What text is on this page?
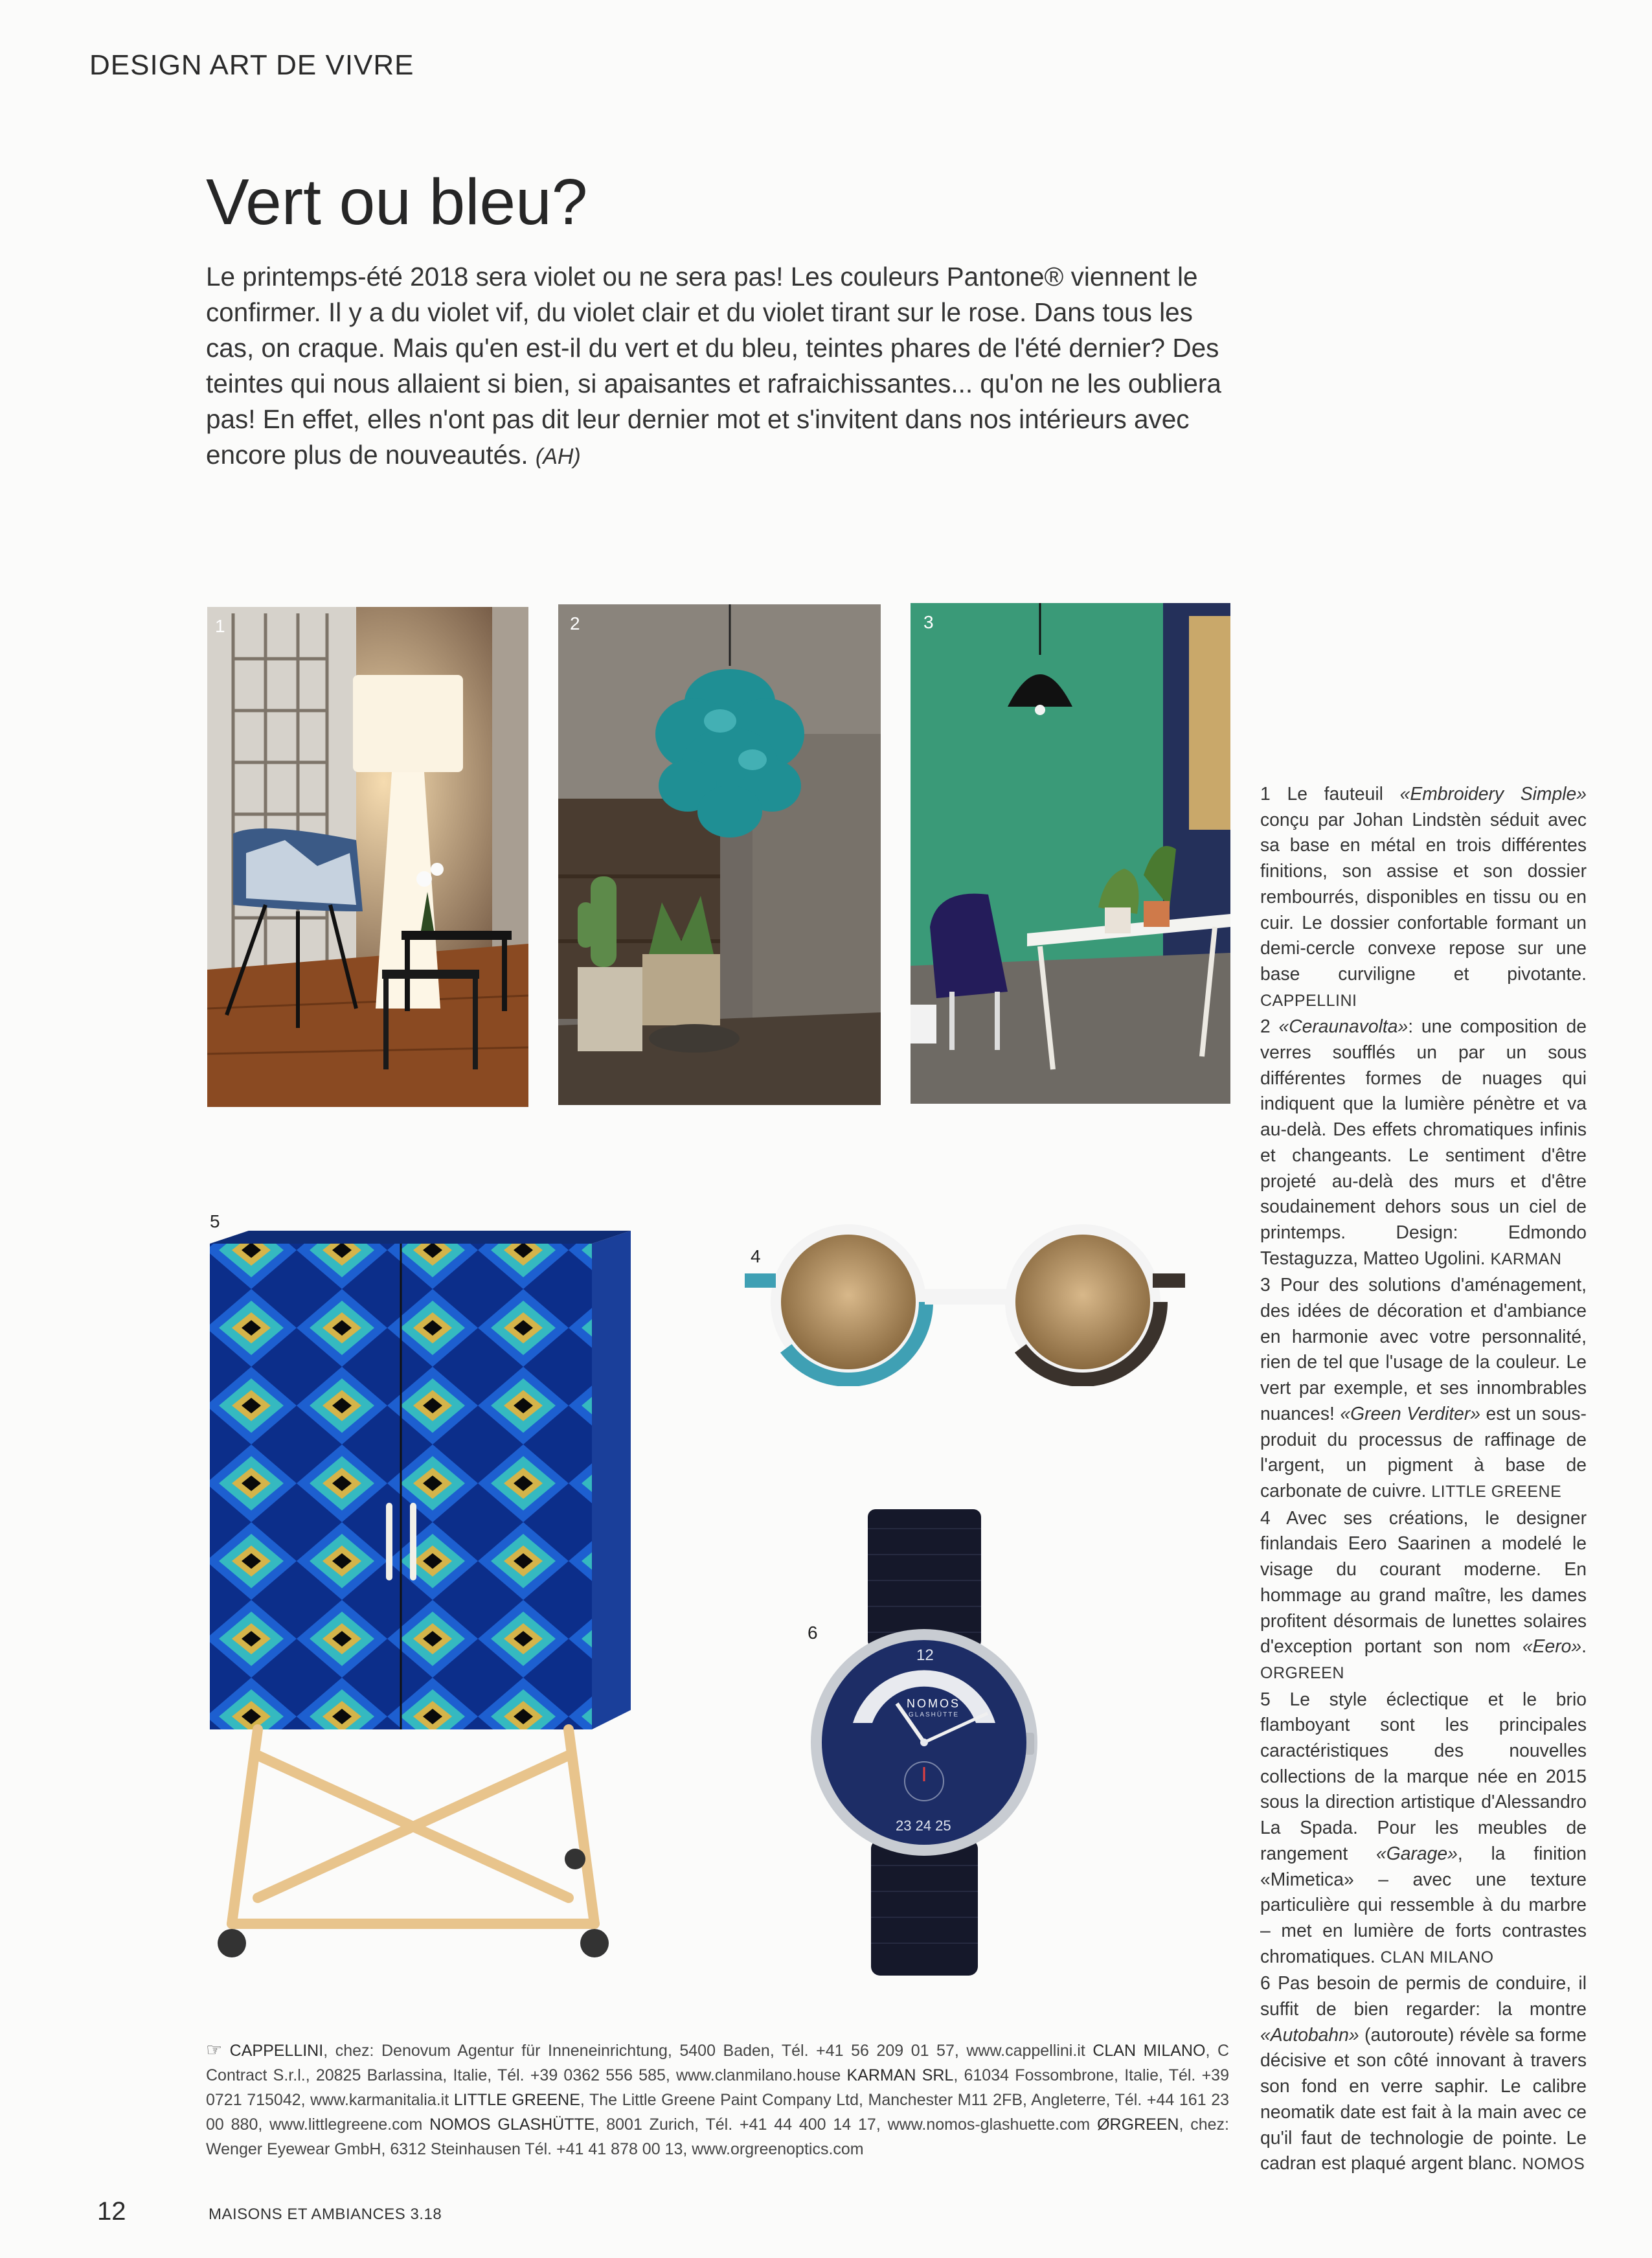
DESIGN ART DE VIVRE
Vert ou bleu?
Le printemps-été 2018 sera violet ou ne sera pas! Les couleurs Pantone® viennent le confirmer. Il y a du violet vif, du violet clair et du violet tirant sur le rose. Dans tous les cas, on craque. Mais qu'en est-il du vert et du bleu, teintes phares de l'été dernier? Des teintes qui nous allaient si bien, si apaisantes et rafraichissantes... qu'on ne les oubliera pas! En effet, elles n'ont pas dit leur dernier mot et s'invitent dans nos intérieurs avec encore plus de nouveautés. (AH)
1	2	3
5
4
6
NOMOS
GLASHÜTTE
12
23 24 25

1 Le fauteuil «Embroidery Simple» conçu par Johan Lindstèn séduit avec sa base en métal en trois différentes finitions, son assise et son dossier rembourrés, disponibles en tissu ou en cuir. Le dossier confortable formant un demi-cercle convexe repose sur une base curviligne et pivotante. CAPPELLINI

2 «Ceraunavolta»: une composition de verres soufflés un par un sous différentes formes de nuages qui indiquent que la lumière pénètre et va au-delà. Des effets chromatiques infinis et changeants. Le sentiment d'être projeté au-delà des murs et d'être soudainement dehors sous un ciel de printemps. Design: Edmondo Testaguzza, Matteo Ugolini. KARMAN

3 Pour des solutions d'aménagement, des idées de décoration et d'ambiance en harmonie avec votre personnalité, rien de tel que l'usage de la couleur. Le vert par exemple, et ses innombrables nuances! «Green Verditer» est un sous-produit du processus de raffinage de l'argent, un pigment à base de carbonate de cuivre. LITTLE GREENE

4 Avec ses créations, le designer finlandais Eero Saarinen a modelé le visage du courant moderne. En hommage au grand maître, les dames profitent désormais de lunettes solaires d'exception portant son nom «Eero». ORGREEN

5 Le style éclectique et le brio flamboyant sont les principales caractéristiques des nouvelles collections de la marque née en 2015 sous la direction artistique d'Alessandro La Spada. Pour les meubles de rangement «Garage», la finition «Mimetica» – avec une texture particulière qui ressemble à du marbre – met en lumière de forts contrastes chromatiques. CLAN MILANO

6 Pas besoin de permis de conduire, il suffit de bien regarder: la montre «Autobahn» (autoroute) révèle sa forme décisive et son côté innovant à travers son fond en verre saphir. Le calibre neomatik date est fait à la main avec ce qu'il faut de technologie de pointe. Le cadran est plaqué argent blanc. NOMOS

☞ CAPPELLINI, chez: Denovum Agentur für Inneneinrichtung, 5400 Baden, Tél. +41 56 209 01 57, www.cappellini.it CLAN MILANO, C Contract S.r.l., 20825 Barlassina, Italie, Tél. +39 0362 556 585, www.clanmilano.house KARMAN SRL, 61034 Fossombrone, Italie, Tél. +39 0721 715042, www.karmanitalia.it LITTLE GREENE, The Little Greene Paint Company Ltd, Manchester M11 2FB, Angleterre, Tél. +44 161 23 00 880, www.littlegreene.com NOMOS GLASHÜTTE, 8001 Zurich, Tél. +41 44 400 14 17, www.nomos-glashuette.com ØRGREEN, chez: Wenger Eyewear GmbH, 6312 Steinhausen Tél. +41 41 878 00 13, www.orgreenoptics.com
12	MAISONS ET AMBIANCES 3.18
